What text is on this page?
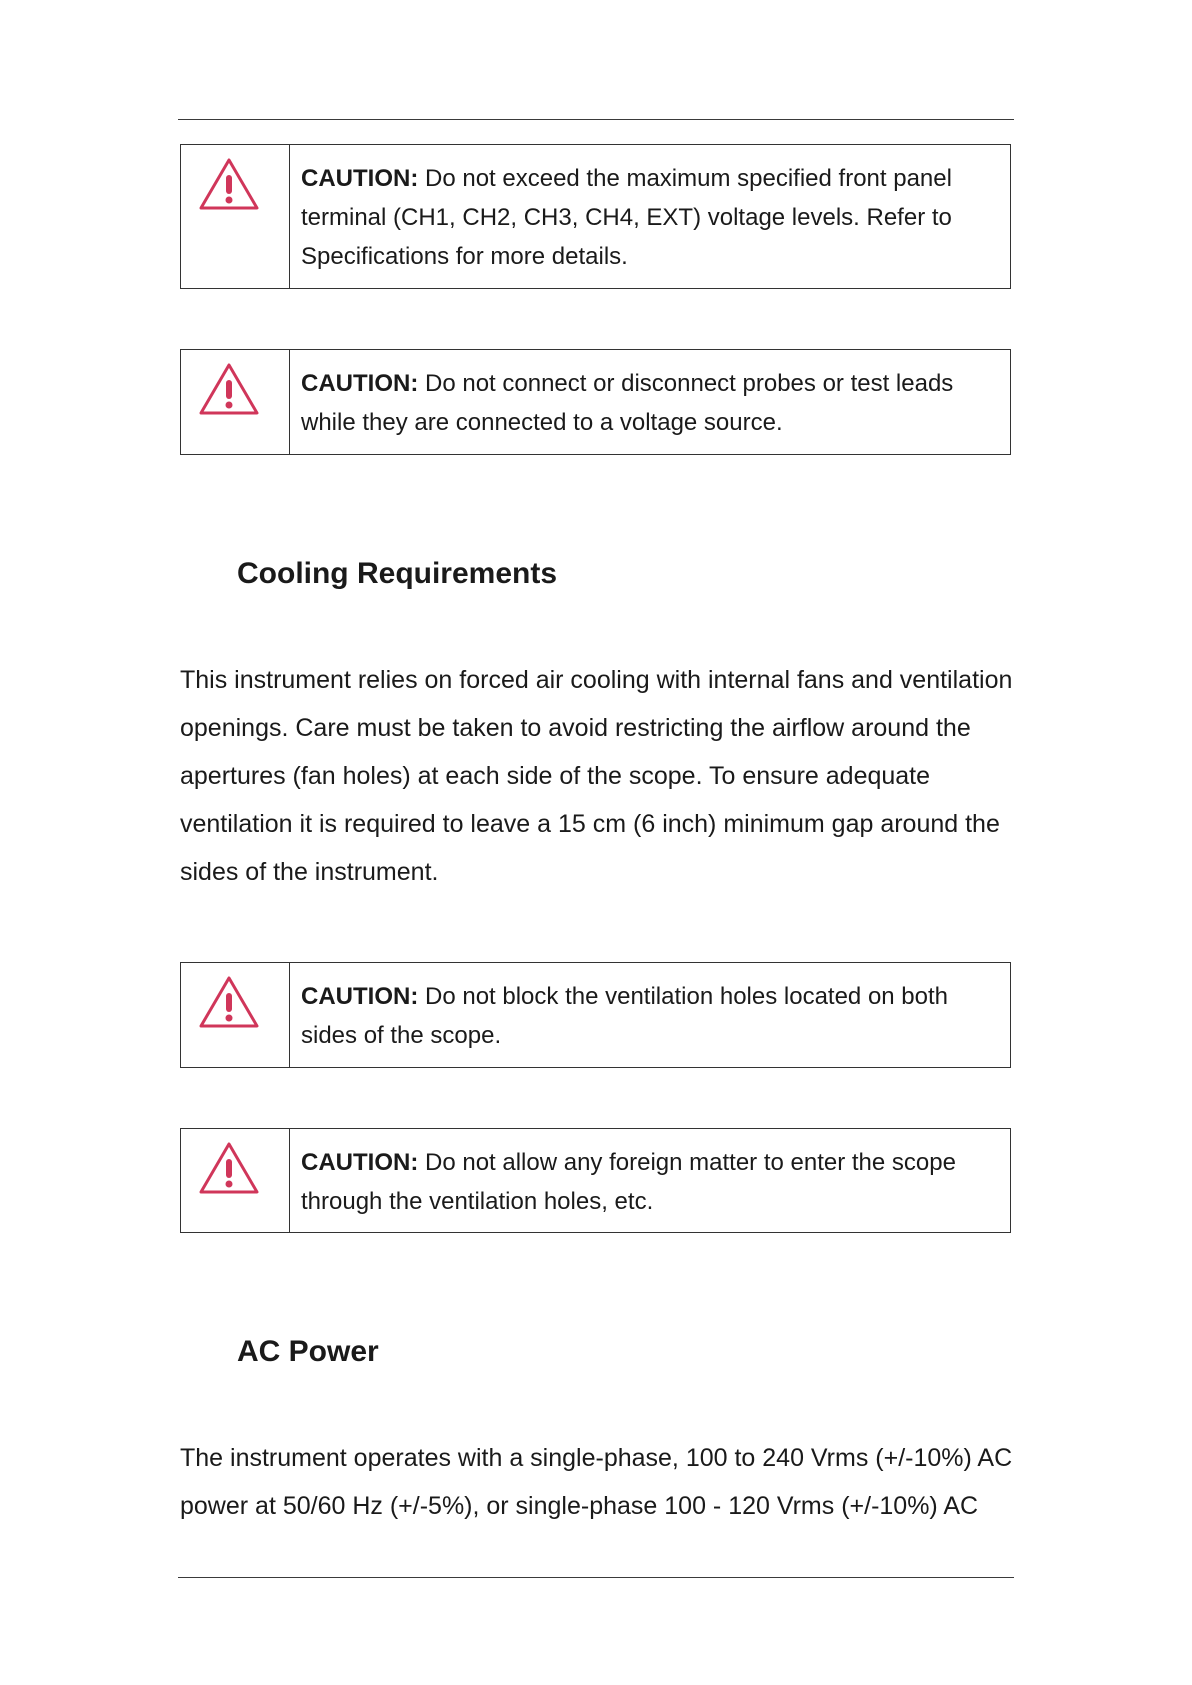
CAUTION: Do not exceed the maximum specified front panel terminal (CH1, CH2, CH3, CH4, EXT) voltage levels. Refer to Specifications for more details.
CAUTION: Do not connect or disconnect probes or test leads while they are connected to a voltage source.
Cooling Requirements

This instrument relies on forced air cooling with internal fans and ventilation openings. Care must be taken to avoid restricting the airflow around the apertures (fan holes) at each side of the scope. To ensure adequate ventilation it is required to leave a 15 cm (6 inch) minimum gap around the sides of the instrument.

CAUTION: Do not block the ventilation holes located on both sides of the scope.
CAUTION: Do not allow any foreign matter to enter the scope through the ventilation holes, etc.
AC Power

The instrument operates with a single-phase, 100 to 240 Vrms (+/-10%) AC power at 50/60 Hz (+/-5%), or single-phase 100 - 120 Vrms (+/-10%) AC
